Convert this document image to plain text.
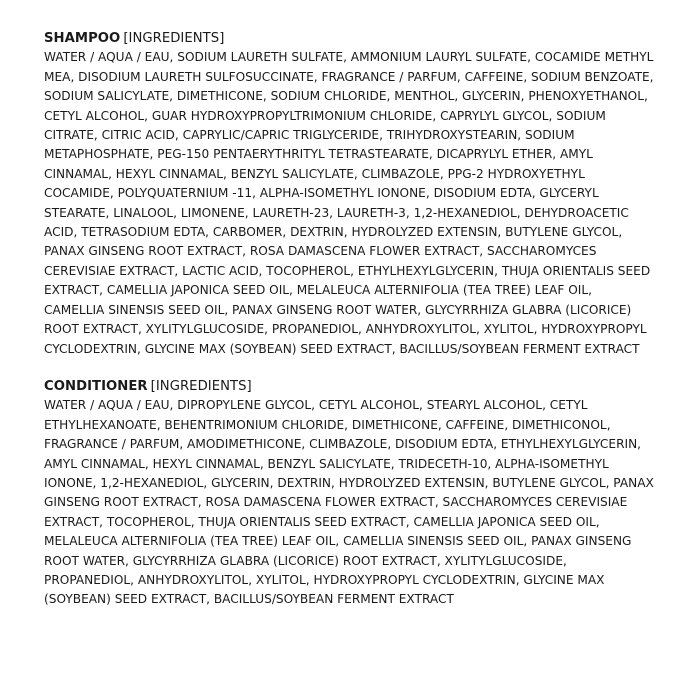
SHAMPOO [INGREDIENTS]

WATER / AQUA / EAU, SODIUM LAURETH SULFATE, AMMONIUM LAURYL SULFATE, COCAMIDE METHYL MEA, DISODIUM LAURETH SULFOSUCCINATE, FRAGRANCE / PARFUM, CAFFEINE, SODIUM BENZOATE, SODIUM SALICYLATE, DIMETHICONE, SODIUM CHLORIDE, MENTHOL, GLYCERIN, PHENOXYETHANOL, CETYL ALCOHOL, GUAR HYDROXYPROPYLTRIMONIUM CHLORIDE, CAPRYLYL GLYCOL, SODIUM CITRATE, CITRIC ACID, CAPRYLIC/CAPRIC TRIGLYCERIDE, TRIHYDROXYSTEARIN, SODIUM METAPHOSPHATE, PEG-150 PENTAERYTHRITYL TETRASTEARATE, DICAPRYLYL ETHER, AMYL CINNAMAL, HEXYL CINNAMAL, BENZYL SALICYLATE, CLIMBAZOLE, PPG-2 HYDROXYETHYL COCAMIDE, POLYQUATERNIUM -11, ALPHA-ISOMETHYL IONONE, DISODIUM EDTA, GLYCERYL STEARATE, LINALOOL, LIMONENE, LAURETH-23, LAURETH-3, 1,2-HEXANEDIOL, DEHYDROACETIC ACID, TETRASODIUM EDTA, CARBOMER, DEXTRIN, HYDROLYZED EXTENSIN, BUTYLENE GLYCOL, PANAX GINSENG ROOT EXTRACT, ROSA DAMASCENA FLOWER EXTRACT, SACCHAROMYCES CEREVISIAE EXTRACT, LACTIC ACID, TOCOPHEROL, ETHYLHEXYLGLYCERIN, THUJA ORIENTALIS SEED EXTRACT, CAMELLIA JAPONICA SEED OIL, MELALEUCA ALTERNIFOLIA (TEA TREE) LEAF OIL, CAMELLIA SINENSIS SEED OIL, PANAX GINSENG ROOT WATER, GLYCYRRHIZA GLABRA (LICORICE) ROOT EXTRACT, XYLITYLGLUCOSIDE, PROPANEDIOL, ANHYDROXYLITOL, XYLITOL, HYDROXYPROPYL CYCLODEXTRIN, GLYCINE MAX (SOYBEAN) SEED EXTRACT, BACILLUS/SOYBEAN FERMENT EXTRACT

CONDITIONER [INGREDIENTS]

WATER / AQUA / EAU, DIPROPYLENE GLYCOL, CETYL ALCOHOL, STEARYL ALCOHOL, CETYL ETHYLHEXANOATE, BEHENTRIMONIUM CHLORIDE, DIMETHICONE, CAFFEINE, DIMETHICONOL, FRAGRANCE / PARFUM, AMODIMETHICONE, CLIMBAZOLE, DISODIUM EDTA, ETHYLHEXYLGLYCERIN, AMYL CINNAMAL, HEXYL CINNAMAL, BENZYL SALICYLATE, TRIDECETH-10, ALPHA-ISOMETHYL IONONE, 1,2-HEXANEDIOL, GLYCERIN, DEXTRIN, HYDROLYZED EXTENSIN, BUTYLENE GLYCOL, PANAX GINSENG ROOT EXTRACT, ROSA DAMASCENA FLOWER EXTRACT, SACCHAROMYCES CEREVISIAE EXTRACT, TOCOPHEROL, THUJA ORIENTALIS SEED EXTRACT, CAMELLIA JAPONICA SEED OIL, MELALEUCA ALTERNIFOLIA (TEA TREE) LEAF OIL, CAMELLIA SINENSIS SEED OIL, PANAX GINSENG ROOT WATER, GLYCYRRHIZA GLABRA (LICORICE) ROOT EXTRACT, XYLITYLGLUCOSIDE, PROPANEDIOL, ANHYDROXYLITOL, XYLITOL, HYDROXYPROPYL CYCLODEXTRIN, GLYCINE MAX (SOYBEAN) SEED EXTRACT, BACILLUS/SOYBEAN FERMENT EXTRACT
